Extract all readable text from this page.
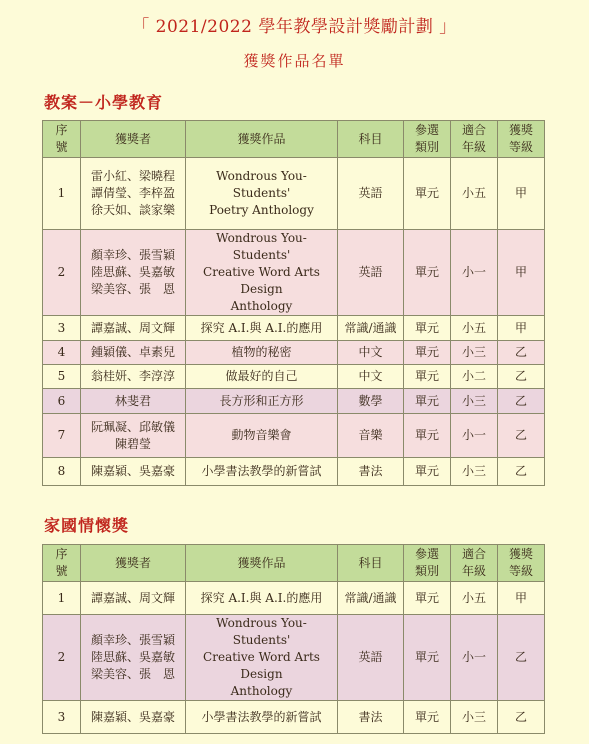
「 2021/2022 學年教學設計獎勵計劃 」
獲獎作品名單
教案－小學教育
序
號	獲獎者	獲獎作品	科目	參選
類別	適合
年級	獲獎
等級
1	雷小紅、梁曉程
譚倩瑩、李梓盈
徐天如、談家樂	Wondrous You-Students'
Poetry Anthology	英語	單元	小五	甲
2	顏幸珍、張雪穎
陸思蘇、吳嘉敏
梁美容、張　恩	Wondrous You-Students'
Creative Word Arts Design
Anthology	英語	單元	小一	甲
3	譚嘉誠、周文輝	探究 A.I.與 A.I.的應用	常識/通識	單元	小五	甲
4	鍾穎儀、卓素兒	植物的秘密	中文	單元	小三	乙
5	翁桂妍、李淳淳	做最好的自己	中文	單元	小二	乙
6	林斐君	長方形和正方形	數學	單元	小三	乙
7	阮珮凝、邱敏儀
陳碧瑩	動物音樂會	音樂	單元	小一	乙
8	陳嘉穎、吳嘉豪	小學書法教學的新嘗試	書法	單元	小三	乙
家國情懷獎
序
號	獲獎者	獲獎作品	科目	參選
類別	適合
年級	獲獎
等級
1	譚嘉誠、周文輝	探究 A.I.與 A.I.的應用	常識/通識	單元	小五	甲
2	顏幸珍、張雪穎
陸思蘇、吳嘉敏
梁美容、張　恩	Wondrous You-Students'
Creative Word Arts Design
Anthology	英語	單元	小一	乙
3	陳嘉穎、吳嘉豪	小學書法教學的新嘗試	書法	單元	小三	乙
